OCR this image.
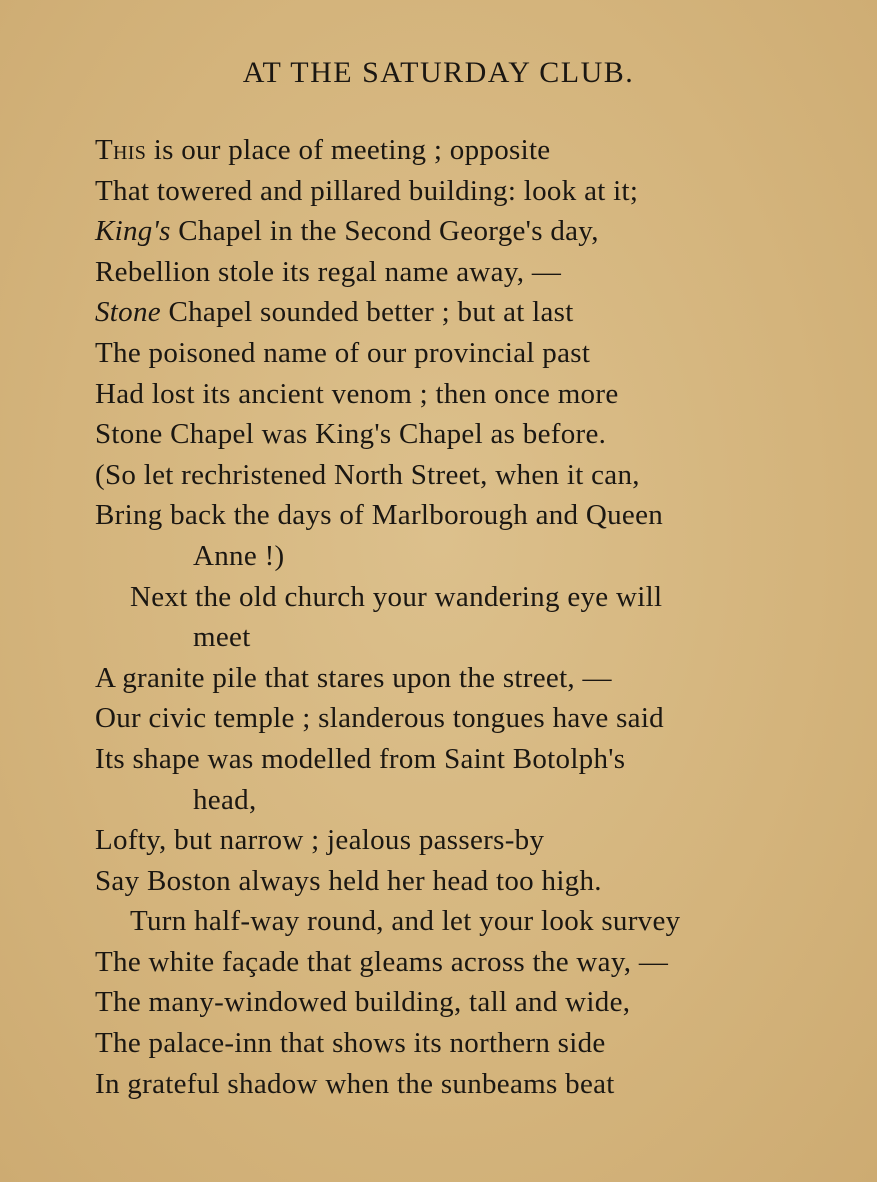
AT THE SATURDAY CLUB.
This is our place of meeting ; opposite
That towered and pillared building: look at it;
King's Chapel in the Second George's day,
Rebellion stole its regal name away, —
Stone Chapel sounded better ; but at last
The poisoned name of our provincial past
Had lost its ancient venom ; then once more
Stone Chapel was King's Chapel as before.
(So let rechristened North Street, when it can,
Bring back the days of Marlborough and Queen
Anne !)
Next the old church your wandering eye will
meet
A granite pile that stares upon the street, —
Our civic temple ; slanderous tongues have said
Its shape was modelled from Saint Botolph's
head,
Lofty, but narrow ; jealous passers-by
Say Boston always held her head too high.
Turn half-way round, and let your look survey
The white façade that gleams across the way, —
The many-windowed building, tall and wide,
The palace-inn that shows its northern side
In grateful shadow when the sunbeams beat
